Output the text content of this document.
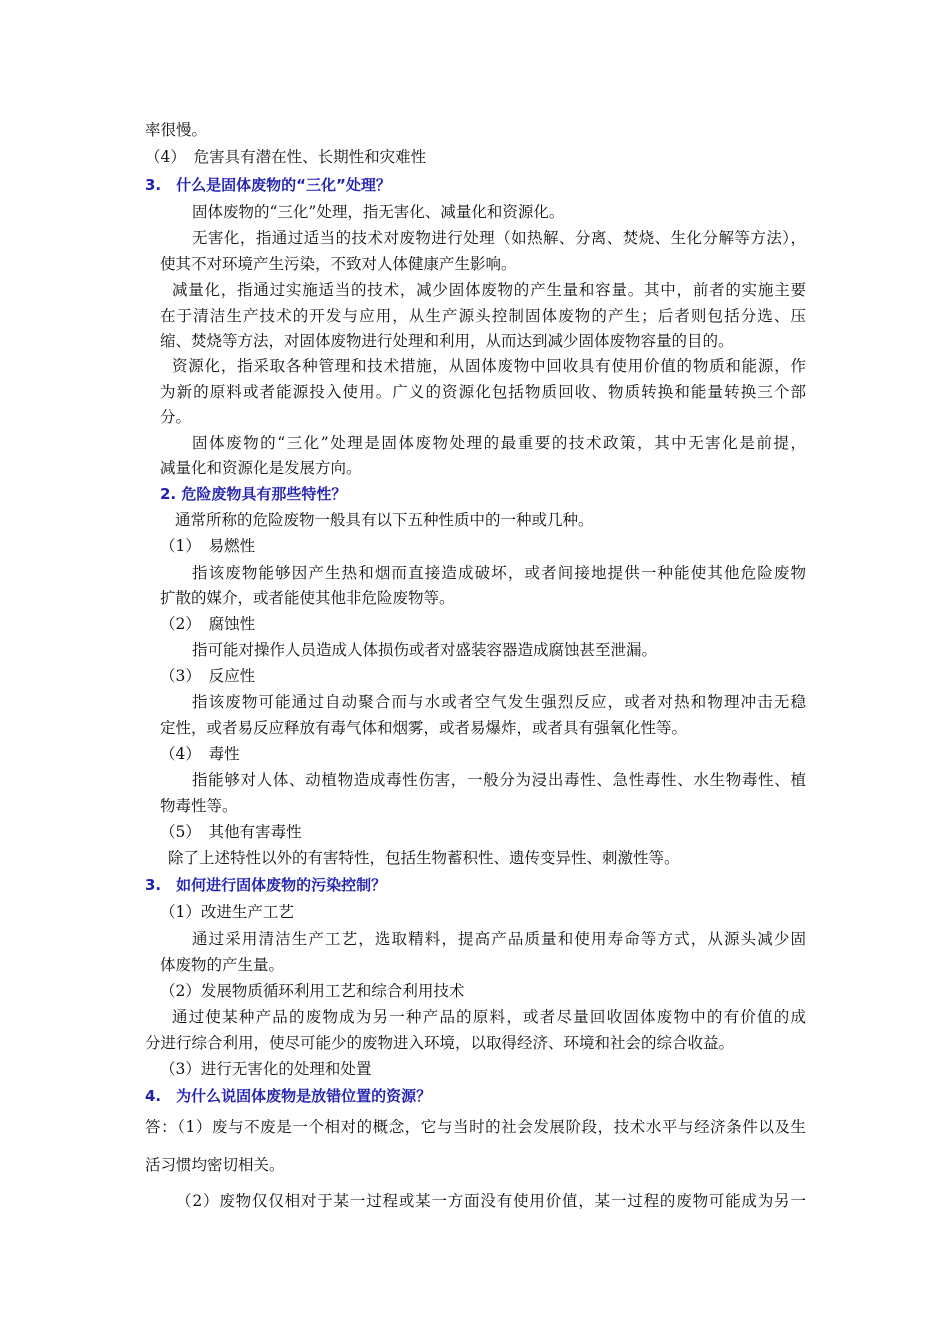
率很慢。
（4）　危害具有潜在性、长期性和灾难性
3.　什么是固体废物的“三化”处理？
固体废物的“三化”处理，指无害化、减量化和资源化。
无害化，指通过适当的技术对废物进行处理（如热解、分离、焚烧、生化分解等方法），
使其不对环境产生污染，不致对人体健康产生影响。
减量化，指通过实施适当的技术，减少固体废物的产生量和容量。其中，前者的实施主要
在于清洁生产技术的开发与应用，从生产源头控制固体废物的产生；后者则包括分选、压
缩、焚烧等方法，对固体废物进行处理和利用，从而达到减少固体废物容量的目的。
资源化，指采取各种管理和技术措施，从固体废物中回收具有使用价值的物质和能源，作
为新的原料或者能源投入使用。广义的资源化包括物质回收、物质转换和能量转换三个部
分。
固体废物的“三化”处理是固体废物处理的最重要的技术政策，其中无害化是前提，
减量化和资源化是发展方向。
2. 危险废物具有那些特性？
通常所称的危险废物一般具有以下五种性质中的一种或几种。
（1）　易燃性
指该废物能够因产生热和烟而直接造成破坏，或者间接地提供一种能使其他危险废物
扩散的媒介，或者能使其他非危险废物等。
（2）　腐蚀性
指可能对操作人员造成人体损伤或者对盛装容器造成腐蚀甚至泄漏。
（3）　反应性
指该废物可能通过自动聚合而与水或者空气发生强烈反应，或者对热和物理冲击无稳
定性，或者易反应释放有毒气体和烟雾，或者易爆炸，或者具有强氧化性等。
（4）　毒性
指能够对人体、动植物造成毒性伤害，一般分为浸出毒性、急性毒性、水生物毒性、植
物毒性等。
（5）　其他有害毒性
除了上述特性以外的有害特性，包括生物蓄积性、遗传变异性、刺激性等。
3.　如何进行固体废物的污染控制？
（1）改进生产工艺
通过采用清洁生产工艺，选取精料，提高产品质量和使用寿命等方式，从源头减少固
体废物的产生量。
（2）发展物质循环利用工艺和综合利用技术
通过使某种产品的废物成为另一种产品的原料，或者尽量回收固体废物中的有价值的成
分进行综合利用，使尽可能少的废物进入环境，以取得经济、环境和社会的综合收益。
（3）进行无害化的处理和处置
4.　为什么说固体废物是放错位置的资源？
答：（1）废与不废是一个相对的概念，它与当时的社会发展阶段，技术水平与经济条件以及生
活习惯均密切相关。
（2）废物仅仅相对于某一过程或某一方面没有使用价值，某一过程的废物可能成为另一
